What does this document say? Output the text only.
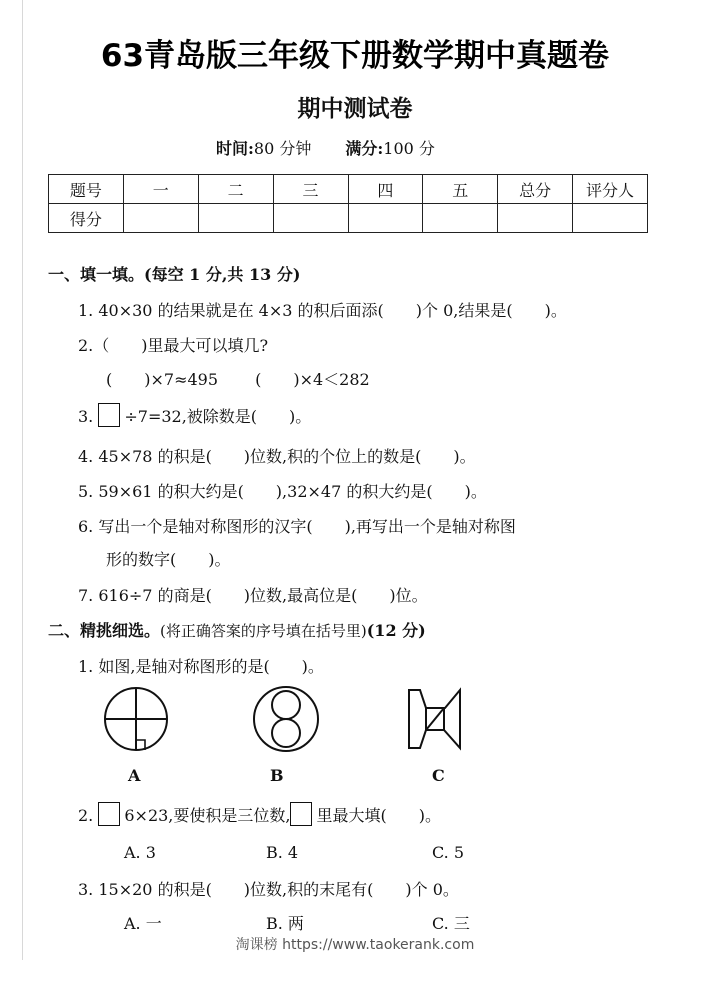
63青岛版三年级下册数学期中真题卷
期中测试卷
时间:80 分钟 满分:100 分
题号	一	二	三	四	五	总分	评分人
得分							
一、填一填。(每空 1 分,共 13 分)
1. 40×30 的结果就是在 4×3 的积后面添(　　)个 0,结果是(　　)。
2.（　　)里最大可以填几?
(　　)×7≈495　　 (　　)×4＜282
3. ÷7=32,被除数是(　　)。
4. 45×78 的积是(　　)位数,积的个位上的数是(　　)。
5. 59×61 的积大约是(　　),32×47 的积大约是(　　)。
6. 写出一个是轴对称图形的汉字(　　),再写出一个是轴对称图
形的数字(　　)。
7. 616÷7 的商是(　　)位数,最高位是(　　)位。
二、精挑细选。(将正确答案的序号填在括号里)(12 分)
1. 如图,是轴对称图形的是(　　)。
A	B	C
2. 6×23,要使积是三位数, 里最大填(　　)。
A. 3	B. 4	C. 5
3. 15×20 的积是(　　)位数,积的末尾有(　　)个 0。
A. 一	B. 两	C. 三
淘课榜 https://www.taokerank.com
